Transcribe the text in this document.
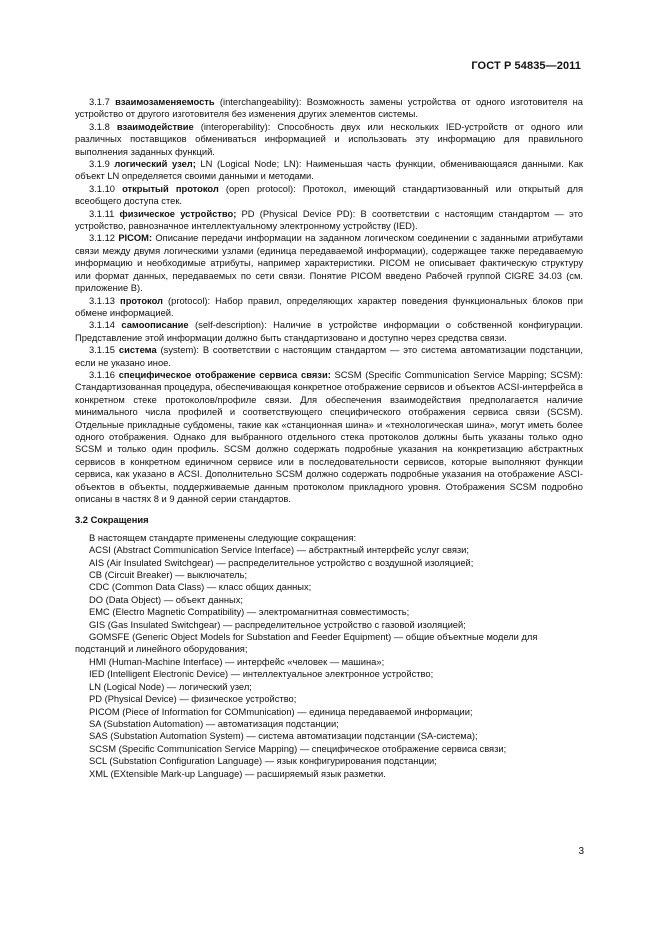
ГОСТ Р 54835—2011

3.1.7 взаимозаменяемость (interchangeability): Возможность замены устройства от одного изготовителя на устройство от другого изготовителя без изменения других элементов системы.

3.1.8 взаимодействие (interoperability): Способность двух или нескольких IED-устройств от одного или различных поставщиков обмениваться информацией и использовать эту информацию для правильного выполнения заданных функций.

3.1.9 логический узел; LN (Logical Node; LN): Наименьшая часть функции, обменивающаяся данными. Как объект LN определяется своими данными и методами.

3.1.10 открытый протокол (open protocol): Протокол, имеющий стандартизованный или открытый для всеобщего доступа стек.

3.1.11 физическое устройство; PD (Physical Device PD): В соответствии с настоящим стандартом — это устройство, равнозначное интеллектуальному электронному устройству (IED).

3.1.12 PICOM: Описание передачи информации на заданном логическом соединении с заданными атрибутами связи между двумя логическими узлами (единица передаваемой информации), содержащее также передаваемую информацию и необходимые атрибуты, например характеристики. PICOM не описывает фактическую структуру или формат данных, передаваемых по сети связи. Понятие PICOM введено Рабочей группой CIGRE 34.03 (см. приложение В).

3.1.13 протокол (protocol): Набор правил, определяющих характер поведения функциональных блоков при обмене информацией.

3.1.14 самоописание (self-description): Наличие в устройстве информации о собственной конфигурации. Представление этой информации должно быть стандартизовано и доступно через средства связи.

3.1.15 система (system): В соответствии с настоящим стандартом — это система автоматизации подстанции, если не указано иное.

3.1.16 специфическое отображение сервиса связи: SCSM (Specific Communication Service Mapping; SCSM): Стандартизованная процедура, обеспечивающая конкретное отображение сервисов и объектов ACSI-интерфейса в конкретном стеке протоколов/профиле связи. Для обеспечения взаимодействия предполагается наличие минимального числа профилей и соответствующего специфического отображения сервиса связи (SCSM). Отдельные прикладные субдомены, такие как «станционная шина» и «технологическая шина», могут иметь более одного отображения. Однако для выбранного отдельного стека протоколов должны быть указаны только одно SCSM и только один профиль. SCSM должно содержать подробные указания на конкретизацию абстрактных сервисов в конкретном единичном сервисе или в последовательности сервисов, которые выполняют функции сервиса, как указано в ACSI. Дополнительно SCSM должно содержать подробные указания на отображение ASCI-объектов в объекты, поддерживаемые данным протоколом прикладного уровня. Отображения SCSM подробно описаны в частях 8 и 9 данной серии стандартов.

3.2 Сокращения

В настоящем стандарте применены следующие сокращения:

ACSI (Abstract Communication Service Interface) — абстрактный интерфейс услуг связи;

AIS (Air Insulated Switchgear) — распределительное устройство с воздушной изоляцией;

CB (Circuit Breaker) — выключатель;

CDC (Common Data Class) — класс общих данных;

DO (Data Object) — объект данных;

EMC (Electro Magnetic Compatibility) — электромагнитная совместимость;

GIS (Gas Insulated Switchgear) — распределительное устройство с газовой изоляцией;

GOMSFE (Generic Object Models for Substation and Feeder Equipment) — общие объектные модели для подстанций и линейного оборудования;

HMI (Human-Machine Interface) — интерфейс «человек — машина»;

IED (Intelligent Electronic Device) — интеллектуальное электронное устройство;

LN (Logical Node) — логический узел;

PD (Physical Device) — физическое устройство;

PICOM (Piece of Information for COMmunication) — единица передаваемой информации;

SA (Substation Automation) — автоматизация подстанции;

SAS (Substation Automation System) — система автоматизации подстанции (SA-система);

SCSM (Specific Communication Service Mapping) — специфическое отображение сервиса связи;

SCL (Substation Configuration Language) — язык конфигурирования подстанции;

XML (EXtensible Mark-up Language) — расширяемый язык разметки.

3
